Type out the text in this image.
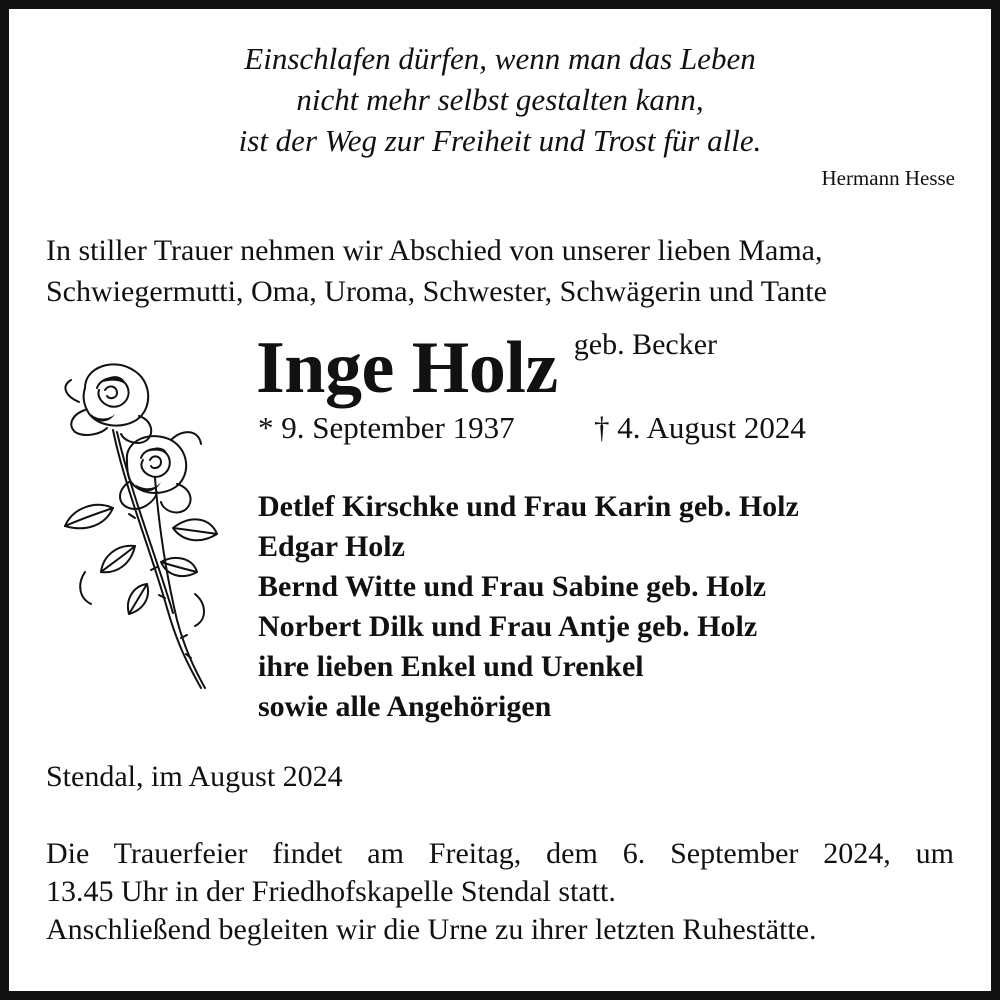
Einschlafen dürfen, wenn man das Leben
nicht mehr selbst gestalten kann,
ist der Weg zur Freiheit und Trost für alle.
Hermann Hesse
In stiller Trauer nehmen wir Abschied von unserer lieben Mama,
Schwiegermutti, Oma, Uroma, Schwester, Schwägerin und Tante
Inge Holz geb. Becker
* 9. September 1937	† 4. August 2024
Detlef Kirschke und Frau Karin geb. Holz
Edgar Holz
Bernd Witte und Frau Sabine geb. Holz
Norbert Dilk und Frau Antje geb. Holz
ihre lieben Enkel und Urenkel
sowie alle Angehörigen
Stendal, im August 2024
Die Trauerfeier findet am Freitag, dem 6. September 2024, um
13.45 Uhr in der Friedhofskapelle Stendal statt.
Anschließend begleiten wir die Urne zu ihrer letzten Ruhestätte.
